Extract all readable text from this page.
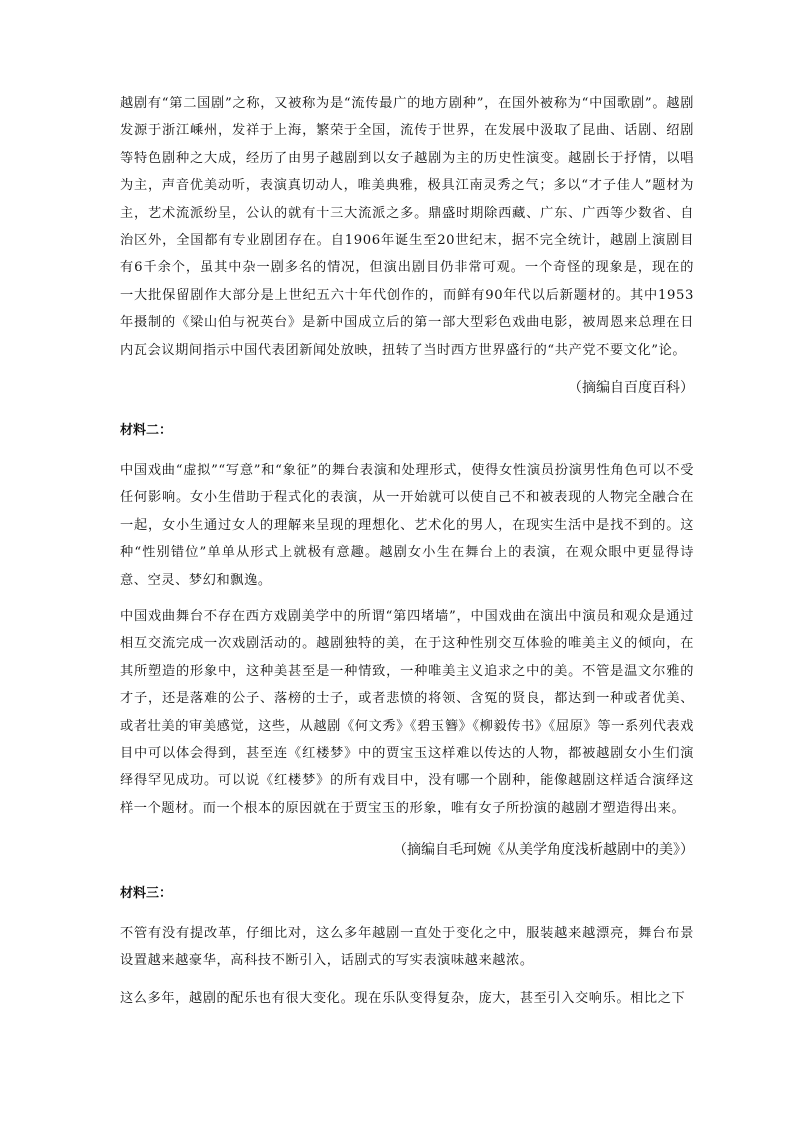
越剧有“第二国剧”之称，又被称为是“流传最广的地方剧种”，在国外被称为“中国歌剧”。越剧发源于浙江嵊州，发祥于上海，繁荣于全国，流传于世界，在发展中汲取了昆曲、话剧、绍剧等特色剧种之大成，经历了由男子越剧到以女子越剧为主的历史性演变。越剧长于抒情，以唱为主，声音优美动听，表演真切动人，唯美典雅，极具江南灵秀之气；多以“才子佳人”题材为主，艺术流派纷呈，公认的就有十三大流派之多。鼎盛时期除西藏、广东、广西等少数省、自治区外，全国都有专业剧团存在。自1906年诞生至20世纪末，据不完全统计，越剧上演剧目有6千余个，虽其中杂一剧多名的情况，但演出剧目仍非常可观。一个奇怪的现象是，现在的一大批保留剧作大部分是上世纪五六十年代创作的，而鲜有90年代以后新题材的。其中1953年摄制的《梁山伯与祝英台》是新中国成立后的第一部大型彩色戏曲电影，被周恩来总理在日内瓦会议期间指示中国代表团新闻处放映，扭转了当时西方世界盛行的“共产党不要文化”论。
（摘编自百度百科）
材料二：
中国戏曲“虚拟”“写意”和“象征”的舞台表演和处理形式，使得女性演员扮演男性角色可以不受任何影响。女小生借助于程式化的表演，从一开始就可以使自己不和被表现的人物完全融合在一起，女小生通过女人的理解来呈现的理想化、艺术化的男人，在现实生活中是找不到的。这种“性别错位”单单从形式上就极有意趣。越剧女小生在舞台上的表演，在观众眼中更显得诗意、空灵、梦幻和飘逸。
中国戏曲舞台不存在西方戏剧美学中的所谓“第四堵墙”，中国戏曲在演出中演员和观众是通过相互交流完成一次戏剧活动的。越剧独特的美，在于这种性别交互体验的唯美主义的倾向，在其所塑造的形象中，这种美甚至是一种情致，一种唯美主义追求之中的美。不管是温文尔雅的才子，还是落难的公子、落榜的士子，或者悲愤的将领、含冤的贤良，都达到一种或者优美、或者壮美的审美感觉，这些，从越剧《何文秀》《碧玉簪》《柳毅传书》《屈原》等一系列代表戏目中可以体会得到，甚至连《红楼梦》中的贾宝玉这样难以传达的人物，都被越剧女小生们演绎得罕见成功。可以说《红楼梦》的所有戏目中，没有哪一个剧种，能像越剧这样适合演绎这样一个题材。而一个根本的原因就在于贾宝玉的形象，唯有女子所扮演的越剧才塑造得出来。
（摘编自毛珂婉《从美学角度浅析越剧中的美》）
材料三：
不管有没有提改革，仔细比对，这么多年越剧一直处于变化之中，服装越来越漂亮，舞台布景设置越来越豪华，高科技不断引入，话剧式的写实表演味越来越浓。
这么多年，越剧的配乐也有很大变化。现在乐队变得复杂，庞大，甚至引入交响乐。相比之下
